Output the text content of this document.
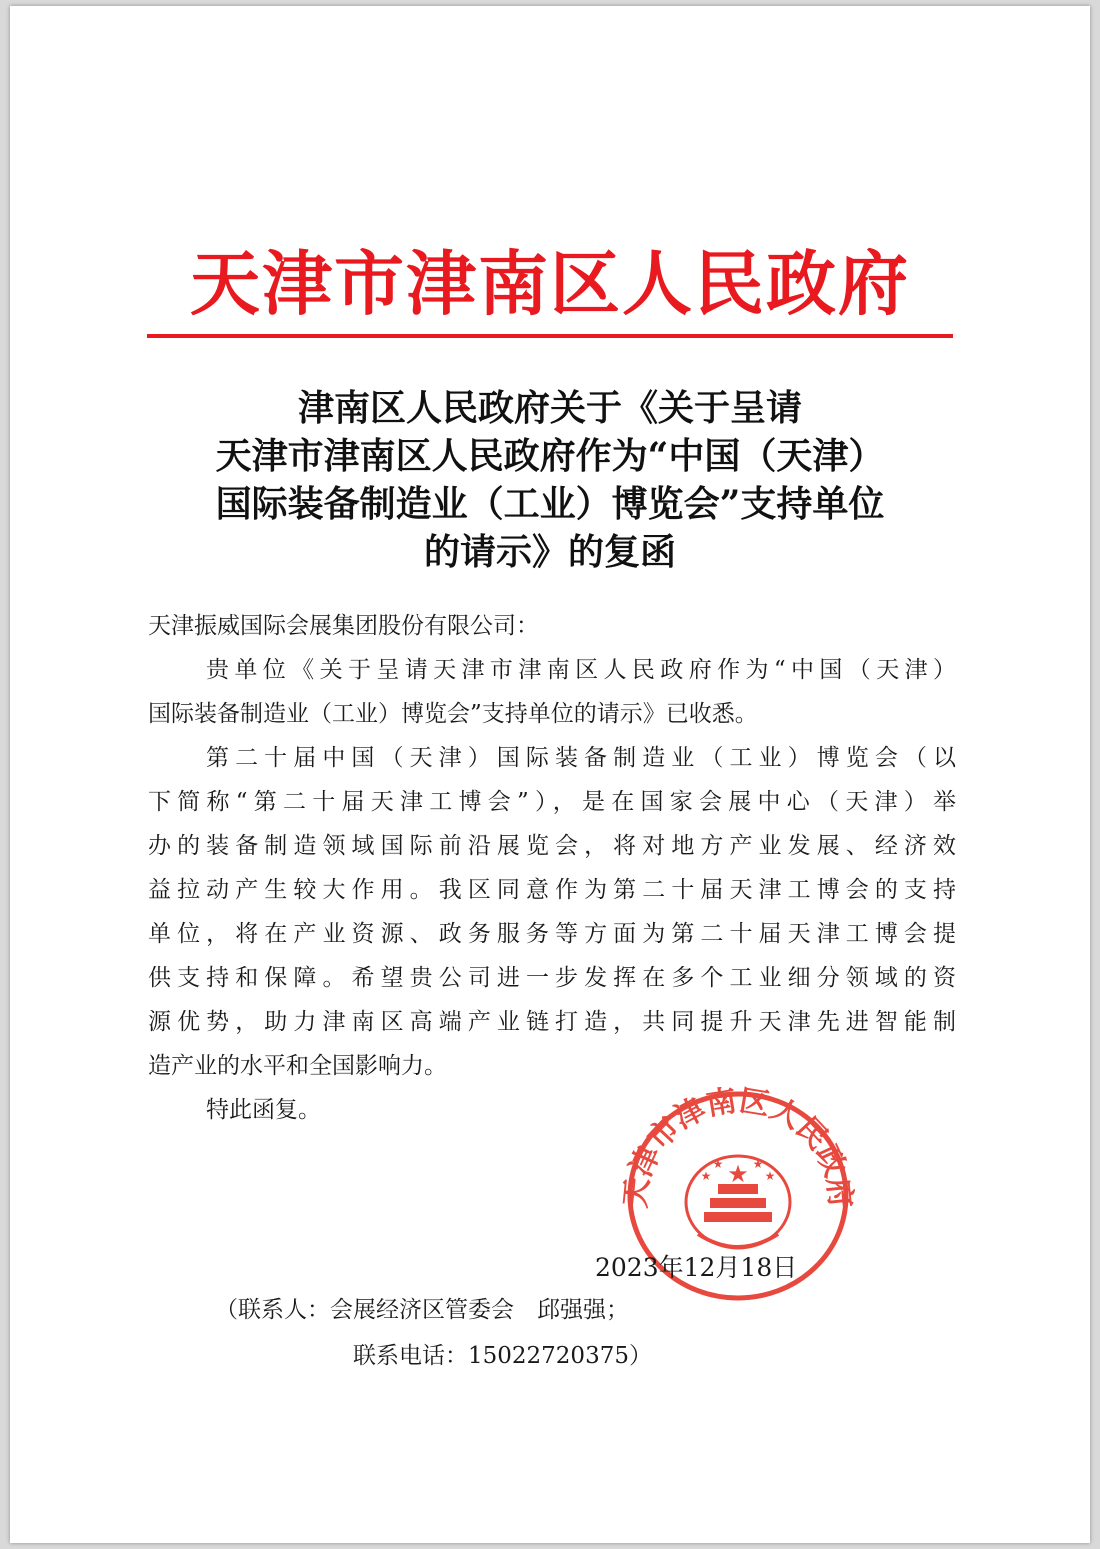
天津市津南区人民政府
津南区人民政府关于《关于呈请
天津市津南区人民政府作为“中国（天津）
国际装备制造业（工业）博览会”支持单位
的请示》的复函
天津振威国际会展集团股份有限公司：
贵单位《关于呈请天津市津南区人民政府作为“中国（天津）
国际装备制造业（工业）博览会”支持单位的请示》已收悉。
第二十届中国（天津）国际装备制造业（工业）博览会（以
下简称“第二十届天津工博会”），是在国家会展中心（天津）举
办的装备制造领域国际前沿展览会，将对地方产业发展、经济效
益拉动产生较大作用。我区同意作为第二十届天津工博会的支持
单位，将在产业资源、政务服务等方面为第二十届天津工博会提
供支持和保障。希望贵公司进一步发挥在多个工业细分领域的资
源优势，助力津南区高端产业链打造，共同提升天津先进智能制
造产业的水平和全国影响力。
特此函复。
天津市津南区人民政府
★
★
★ ★
★
2023年12月18日
（联系人：会展经济区管委会　邱强强；
联系电话：15022720375）
